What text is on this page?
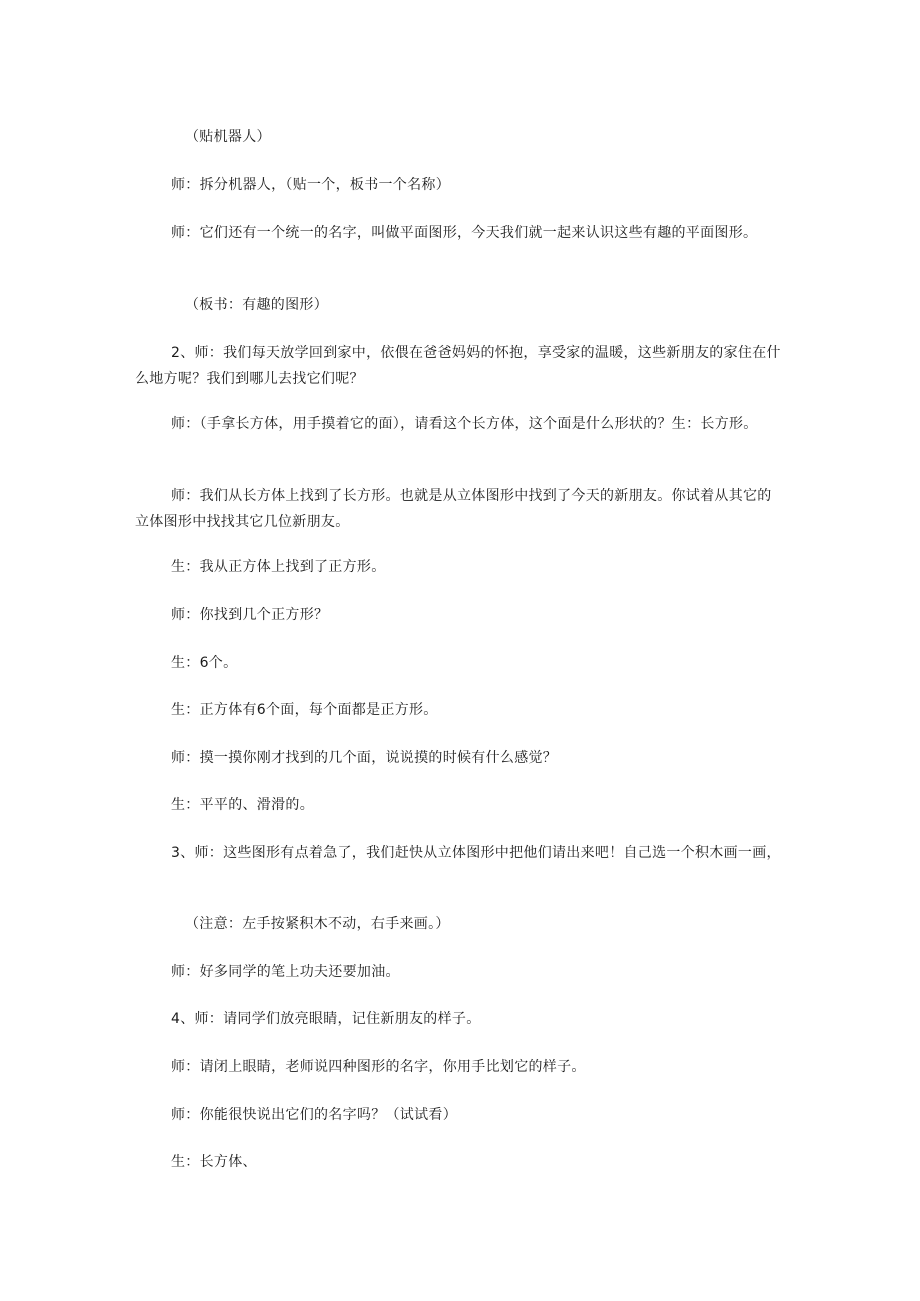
（贴机器人）

师：拆分机器人，（贴一个，板书一个名称）

师：它们还有一个统一的名字，叫做平面图形，今天我们就一起来认识这些有趣的平面图形。

（板书：有趣的图形）

2、师：我们每天放学回到家中，依偎在爸爸妈妈的怀抱，享受家的温暖，这些新朋友的家住在什么地方呢？我们到哪儿去找它们呢？

师：（手拿长方体，用手摸着它的面），请看这个长方体，这个面是什么形状的？生：长方形。

师：我们从长方体上找到了长方形。也就是从立体图形中找到了今天的新朋友。你试着从其它的立体图形中找找其它几位新朋友。

生：我从正方体上找到了正方形。

师：你找到几个正方形？

生：6个。

生：正方体有6个面，每个面都是正方形。

师：摸一摸你刚才找到的几个面，说说摸的时候有什么感觉？

生：平平的、滑滑的。

3、师：这些图形有点着急了，我们赶快从立体图形中把他们请出来吧！自己选一个积木画一画，

（注意：左手按紧积木不动，右手来画。）

师：好多同学的笔上功夫还要加油。

4、师：请同学们放亮眼睛，记住新朋友的样子。

师：请闭上眼睛，老师说四种图形的名字，你用手比划它的样子。

师：你能很快说出它们的名字吗？（试试看）

生：长方体、
